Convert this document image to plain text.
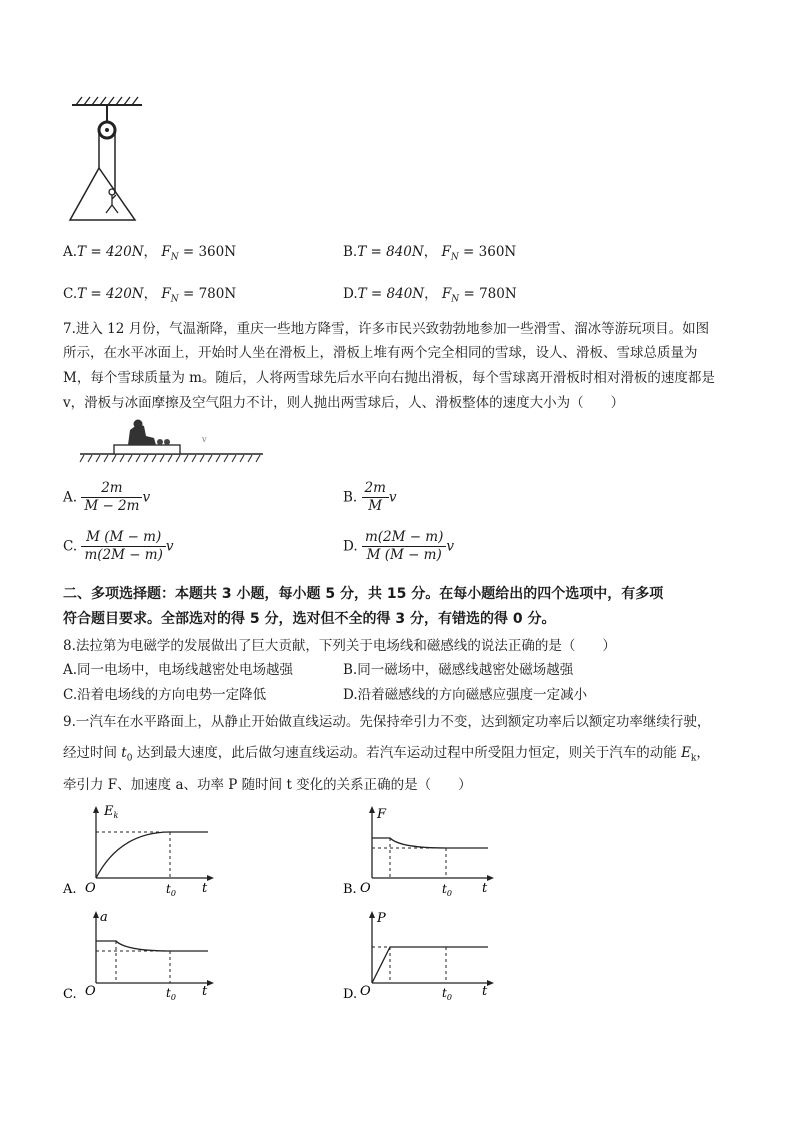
A.T = 420N， $F_N = 360N$	B.T = 840N， $F_N = 360N$
C.T = 420N， $F_N = 780N$	D.T = 840N， $F_N = 780N$
7.进入 12 月份，气温渐降，重庆一些地方降雪，许多市民兴致勃勃地参加一些滑雪、溜冰等游玩项目。如图
所示，在水平冰面上，开始时人坐在滑板上，滑板上堆有两个完全相同的雪球，设人、滑板、雪球总质量为
M，每个雪球质量为 m。随后，人将两雪球先后水平向右抛出滑板，每个雪球离开滑板时相对滑板的速度都是
v，滑板与冰面摩擦及空气阻力不计，则人抛出两雪球后，人、滑板整体的速度大小为（　　）
v
A. $\frac{2m}{M - 2m}$ v	B. $\frac{2m}{M}$ v
C. $\frac{M (M - m)}{m(2M - m)}$ v	D. $\frac{m(2M - m)}{M (M - m)}$ v
二、多项选择题：本题共 3 小题，每小题 5 分，共 15 分。在每小题给出的四个选项中，有多项
符合题目要求。全部选对的得 5 分，选对但不全的得 3 分，有错选的得 0 分。
8.法拉第为电磁学的发展做出了巨大贡献，下列关于电场线和磁感线的说法正确的是（　　）
A.同一电场中，电场线越密处电场越强	B.同一磁场中，磁感线越密处磁场越强
C.沿着电场线的方向电势一定降低	D.沿着磁感线的方向磁感应强度一定减小
9.一汽车在水平路面上，从静止开始做直线运动。先保持牵引力不变，达到额定功率后以额定功率继续行驶，
经过时间 $t_0$ 达到最大速度，此后做匀速直线运动。若汽车运动过程中所受阻力恒定，则关于汽车的动能 $E_k$，
牵引力 F、加速度 a、功率 P 随时间 t 变化的关系正确的是（　　）
A.
$E_k$
O	$t_0$ t	B.
F
O	$t_0$ t
C.
a
O	$t_0$ t	D.
P
O	$t_0$ t
